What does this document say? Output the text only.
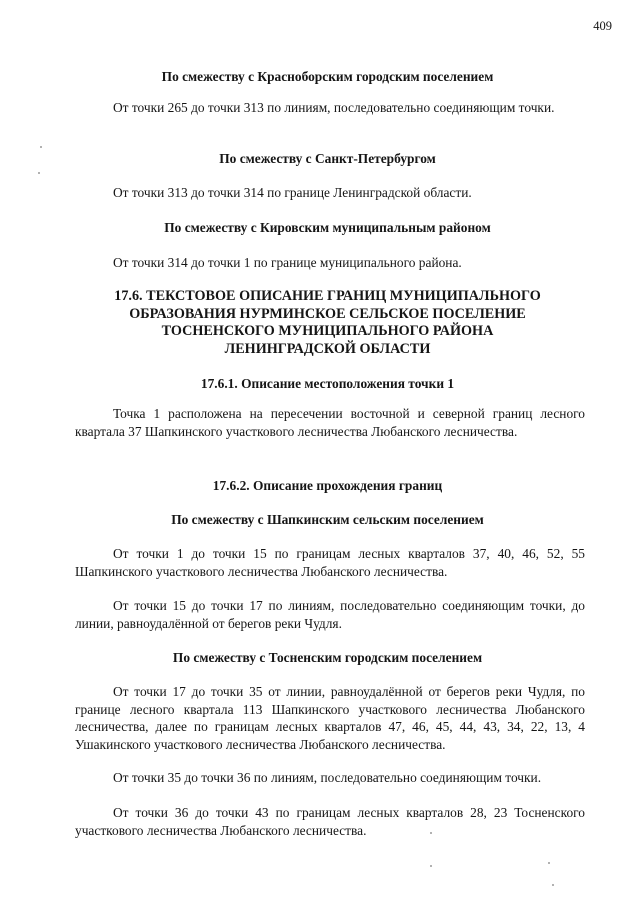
409
По смежеству с Красноборским городским поселением
От точки 265 до точки 313 по линиям, последовательно соединяющим точки.
По смежеству с Санкт-Петербургом
От точки 313 до точки 314 по границе Ленинградской области.
По смежеству с Кировским муниципальным районом
От точки 314 до точки 1 по границе муниципального района.
17.6. ТЕКСТОВОЕ ОПИСАНИЕ ГРАНИЦ МУНИЦИПАЛЬНОГО
ОБРАЗОВАНИЯ НУРМИНСКОЕ СЕЛЬСКОЕ ПОСЕЛЕНИЕ
ТОСНЕНСКОГО МУНИЦИПАЛЬНОГО РАЙОНА
ЛЕНИНГРАДСКОЙ ОБЛАСТИ
17.6.1. Описание местоположения точки 1
Точка 1 расположена на пересечении восточной и северной границ лесного квартала 37 Шапкинского участкового лесничества Любанского лесничества.
17.6.2. Описание прохождения границ
По смежеству с Шапкинским сельским поселением
От точки 1 до точки 15 по границам лесных кварталов 37, 40, 46, 52, 55 Шапкинского участкового лесничества Любанского лесничества.
От точки 15 до точки 17 по линиям, последовательно соединяющим точки, до линии, равноудалённой от берегов реки Чудля.
По смежеству с Тосненским городским поселением
От точки 17 до точки 35 от линии, равноудалённой от берегов реки Чудля, по границе лесного квартала 113 Шапкинского участкового лесничества Любанского лесничества, далее по границам лесных кварталов 47, 46, 45, 44, 43, 34, 22, 13, 4 Ушакинского участкового лесничества Любанского лесничества.
От точки 35 до точки 36 по линиям, последовательно соединяющим точки.
От точки 36 до точки 43 по границам лесных кварталов 28, 23 Тосненского участкового лесничества Любанского лесничества.
